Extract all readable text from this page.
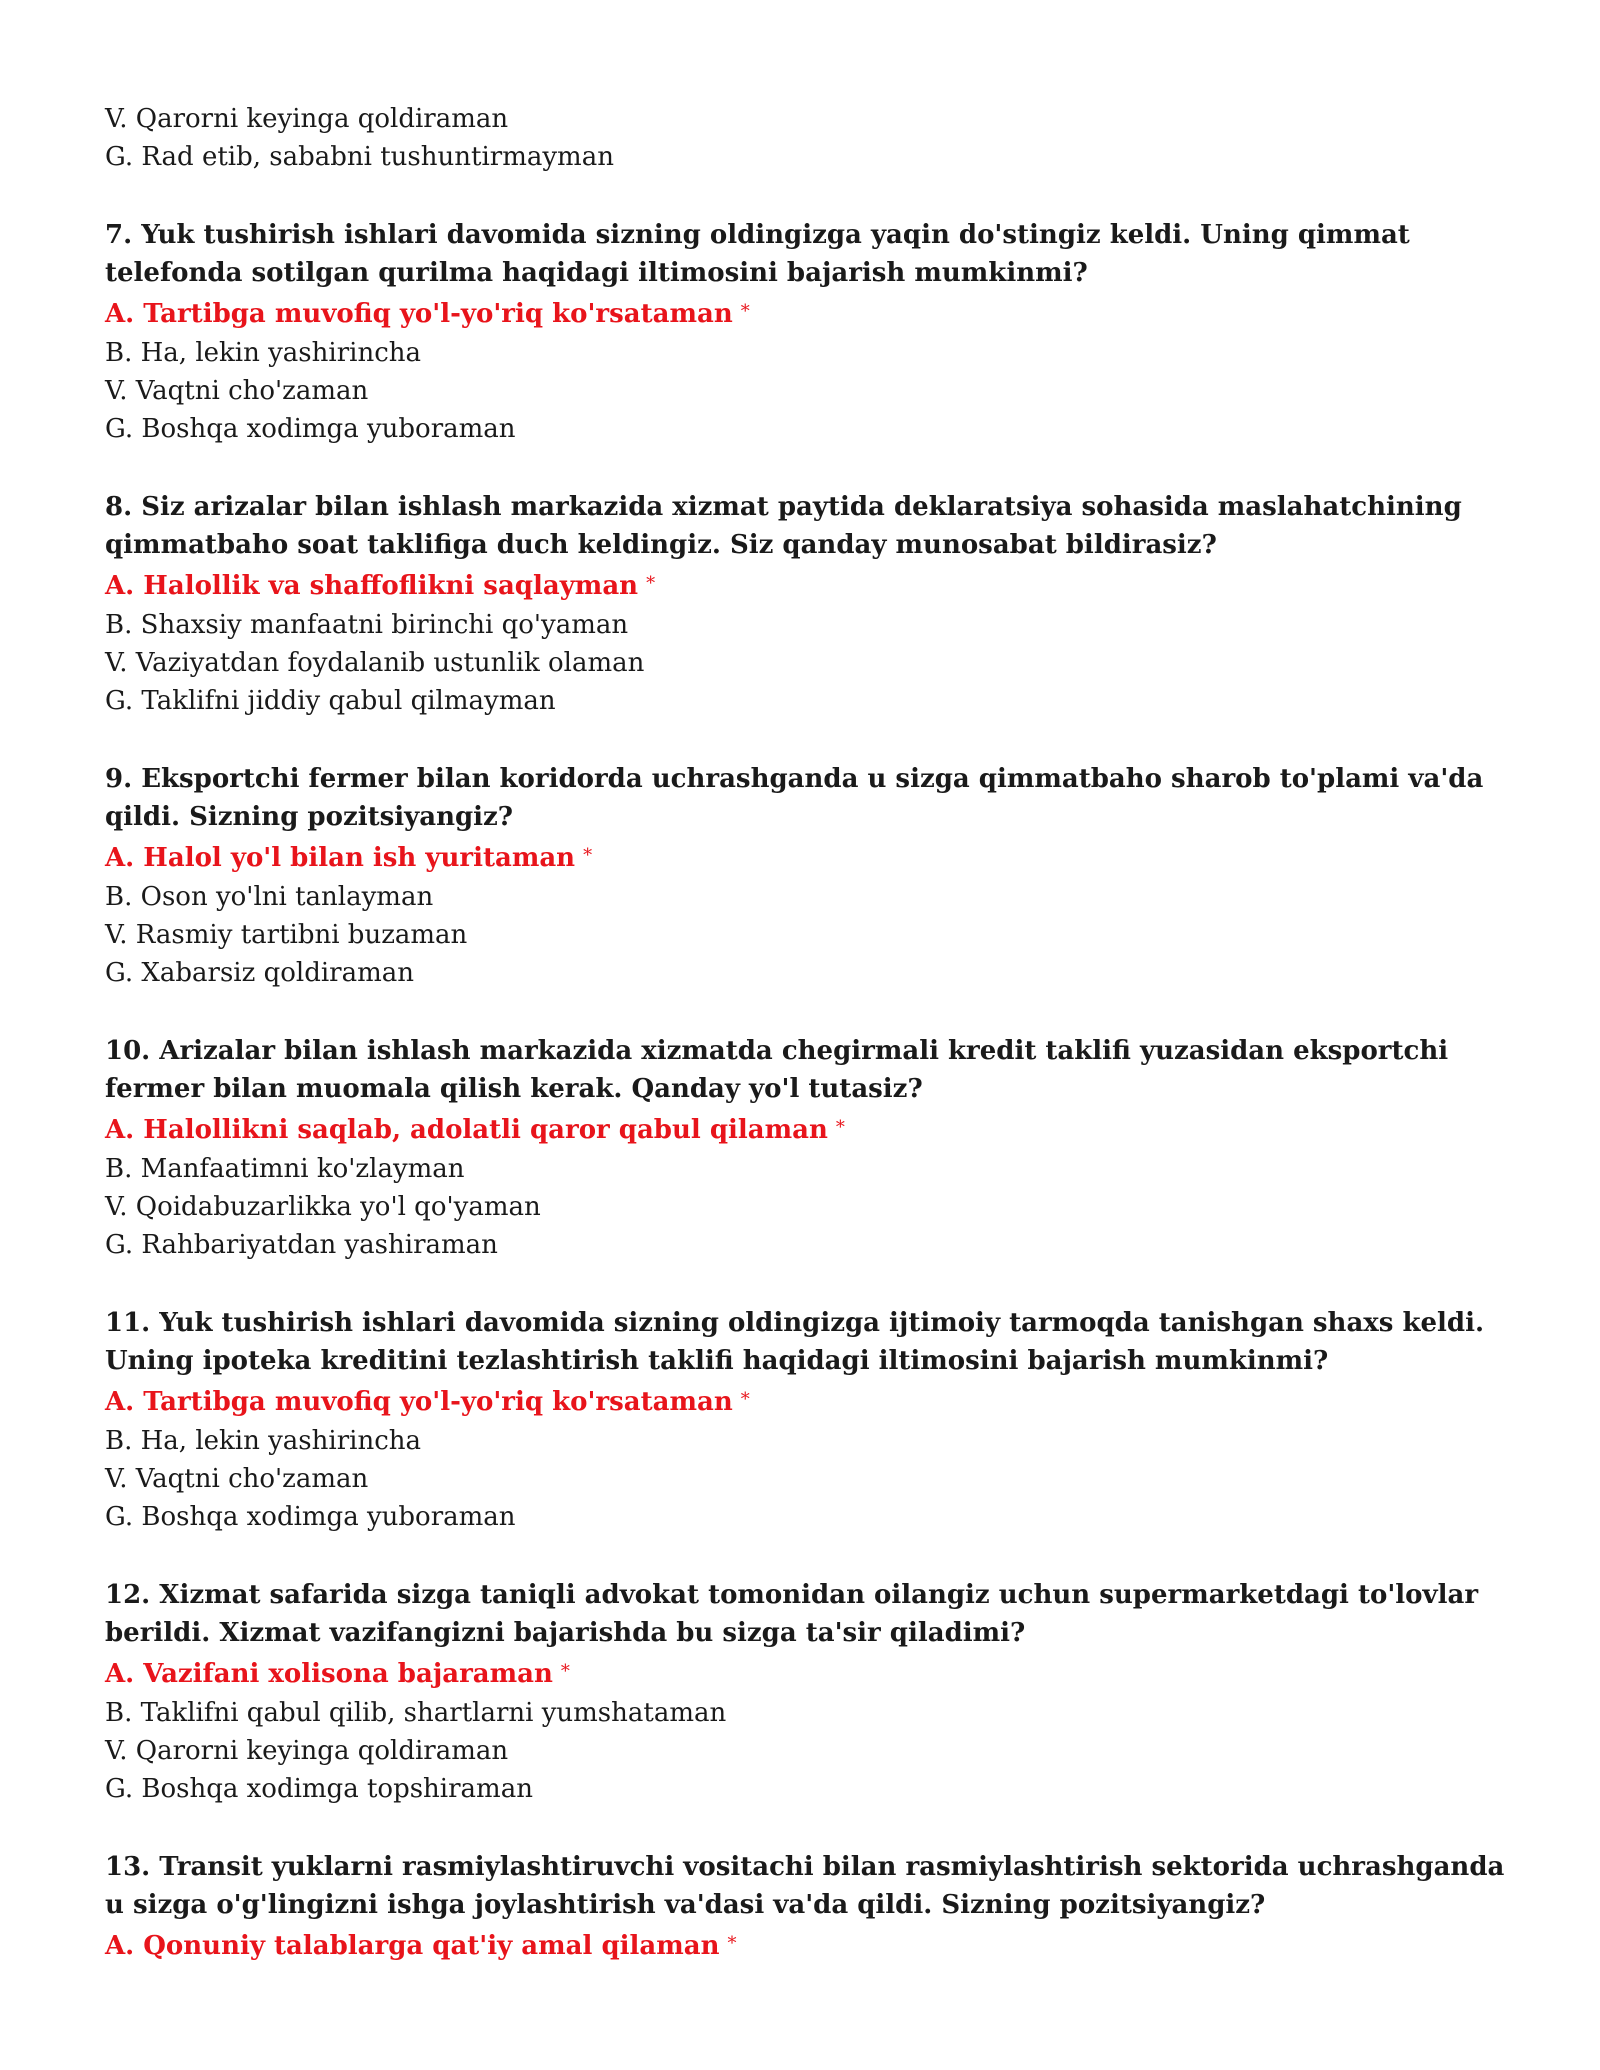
V. Qarorni keyinga qoldiraman
G. Rad etib, sababni tushuntirmayman
7. Yuk tushirish ishlari davomida sizning oldingizga yaqin do'stingiz keldi. Uning qimmat telefonda sotilgan qurilma haqidagi iltimosini bajarish mumkinmi?
A. Tartibga muvofiq yo'l-yo'riq ko'rsataman *
B. Ha, lekin yashirincha
V. Vaqtni cho'zaman
G. Boshqa xodimga yuboraman
8. Siz arizalar bilan ishlash markazida xizmat paytida deklaratsiya sohasida maslahatchining qimmatbaho soat taklifiga duch keldingiz. Siz qanday munosabat bildirasiz?
A. Halollik va shaffoflikni saqlayman *
B. Shaxsiy manfaatni birinchi qo'yaman
V. Vaziyatdan foydalanib ustunlik olaman
G. Taklifni jiddiy qabul qilmayman
9. Eksportchi fermer bilan koridorda uchrashganda u sizga qimmatbaho sharob to'plami va'da qildi. Sizning pozitsiyangiz?
A. Halol yo'l bilan ish yuritaman *
B. Oson yo'lni tanlayman
V. Rasmiy tartibni buzaman
G. Xabarsiz qoldiraman
10. Arizalar bilan ishlash markazida xizmatda chegirmali kredit taklifi yuzasidan eksportchi fermer bilan muomala qilish kerak. Qanday yo'l tutasiz?
A. Halollikni saqlab, adolatli qaror qabul qilaman *
B. Manfaatimni ko'zlayman
V. Qoidabuzarlikka yo'l qo'yaman
G. Rahbariyatdan yashiraman
11. Yuk tushirish ishlari davomida sizning oldingizga ijtimoiy tarmoqda tanishgan shaxs keldi. Uning ipoteka kreditini tezlashtirish taklifi haqidagi iltimosini bajarish mumkinmi?
A. Tartibga muvofiq yo'l-yo'riq ko'rsataman *
B. Ha, lekin yashirincha
V. Vaqtni cho'zaman
G. Boshqa xodimga yuboraman
12. Xizmat safarida sizga taniqli advokat tomonidan oilangiz uchun supermarketdagi to'lovlar berildi. Xizmat vazifangizni bajarishda bu sizga ta'sir qiladimi?
A. Vazifani xolisona bajaraman *
B. Taklifni qabul qilib, shartlarni yumshataman
V. Qarorni keyinga qoldiraman
G. Boshqa xodimga topshiraman
13. Transit yuklarni rasmiylashtiruvchi vositachi bilan rasmiylashtirish sektorida uchrashganda u sizga o'g'lingizni ishga joylashtirish va'dasi va'da qildi. Sizning pozitsiyangiz?
A. Qonuniy talablarga qat'iy amal qilaman *
